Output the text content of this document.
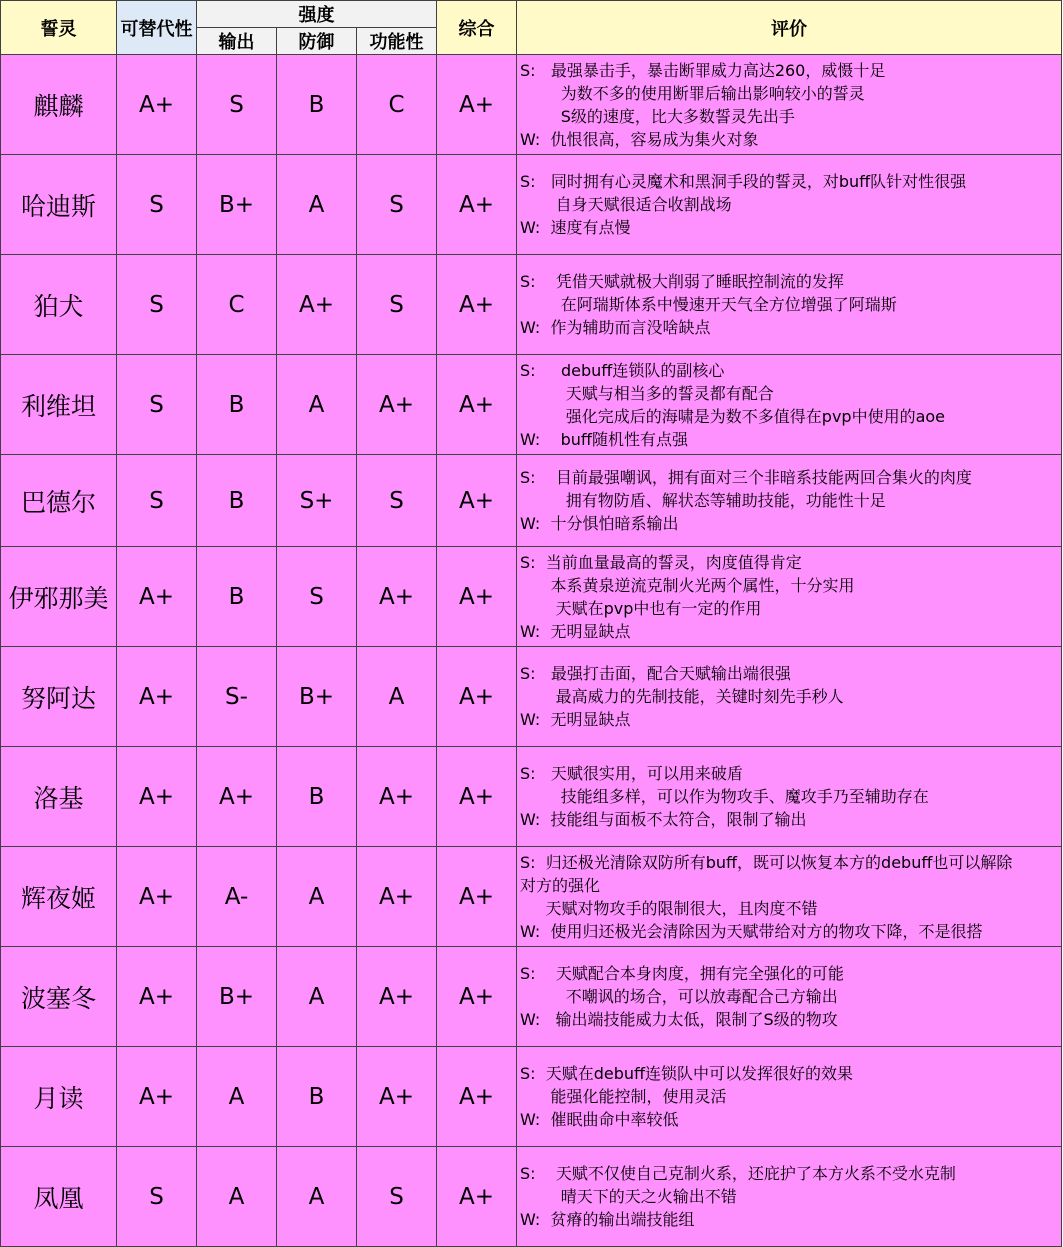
誓灵	可替代性	强度			综合	评价
		输出	防御	功能性		
麒麟	A+	S	B	C	A+	S:   最强暴击手，暴击断罪威力高达260，威慑十足
为数不多的使用断罪后输出影响较小的誓灵
S级的速度，比大多数誓灵先出手
W:  仇恨很高，容易成为集火对象

哈迪斯	S	B+	A	S	A+	S:   同时拥有心灵魔术和黑洞手段的誓灵，对buff队针对性很强
自身天赋很适合收割战场
W:  速度有点慢

狛犬	S	C	A+	S	A+	S:    凭借天赋就极大削弱了睡眠控制流的发挥
在阿瑞斯体系中慢速开天气全方位增强了阿瑞斯
W:  作为辅助而言没啥缺点

利维坦	S	B	A	A+	A+	S:     debuff连锁队的副核心
天赋与相当多的誓灵都有配合
强化完成后的海啸是为数不多值得在pvp中使用的aoe
W:    buff随机性有点强

巴德尔	S	B	S+	S	A+	S:    目前最强嘲讽，拥有面对三个非暗系技能两回合集火的肉度
拥有物防盾、解状态等辅助技能，功能性十足
W:  十分惧怕暗系输出

伊邪那美	A+	B	S	A+	A+	S:  当前血量最高的誓灵，肉度值得肯定
本系黄泉逆流克制火光两个属性，十分实用
天赋在pvp中也有一定的作用
W:  无明显缺点

努阿达	A+	S-	B+	A	A+	S:   最强打击面，配合天赋输出端很强
最高威力的先制技能，关键时刻先手秒人
W:  无明显缺点

洛基	A+	A+	B	A+	A+	S:   天赋很实用，可以用来破盾
技能组多样，可以作为物攻手、魔攻手乃至辅助存在
W:  技能组与面板不太符合，限制了输出

辉夜姬	A+	A-	A	A+	A+	S:  归还极光清除双防所有buff，既可以恢复本方的debuff也可以解除
对方的强化
天赋对物攻手的限制很大，且肉度不错
W:  使用归还极光会清除因为天赋带给对方的物攻下降，不是很搭

波塞冬	A+	B+	A	A+	A+	S:    天赋配合本身肉度，拥有完全强化的可能
不嘲讽的场合，可以放毒配合己方输出
W:   输出端技能威力太低，限制了S级的物攻

月读	A+	A	B	A+	A+	S:  天赋在debuff连锁队中可以发挥很好的效果
能强化能控制，使用灵活
W:  催眠曲命中率较低

凤凰	S	A	A	S	A+	S:    天赋不仅使自己克制火系，还庇护了本方火系不受水克制
晴天下的天之火输出不错
W:  贫瘠的输出端技能组
